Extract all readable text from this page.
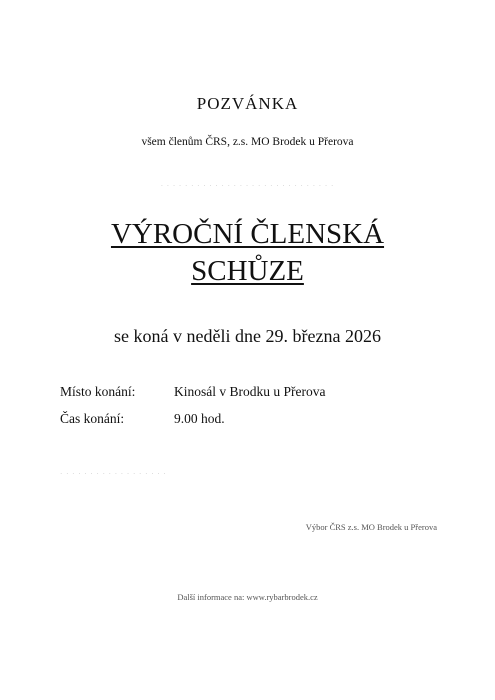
POZVÁNKA
všem členům ČRS, z.s. MO Brodek u Přerova
· · · · · · · · · · · · · · · · · · · · · · · · · · · · ·
VÝROČNÍ ČLENSKÁ
SCHŮZE
se koná v neděli dne 29. března 2026
Místo konání:	Kinosál v Brodku u Přerova
Čas konání:	9.00 hod.
· · · · · · · · · · · · · · · · · ·
Výbor ČRS z.s. MO Brodek u Přerova
Další informace na: www.rybarbrodek.cz
